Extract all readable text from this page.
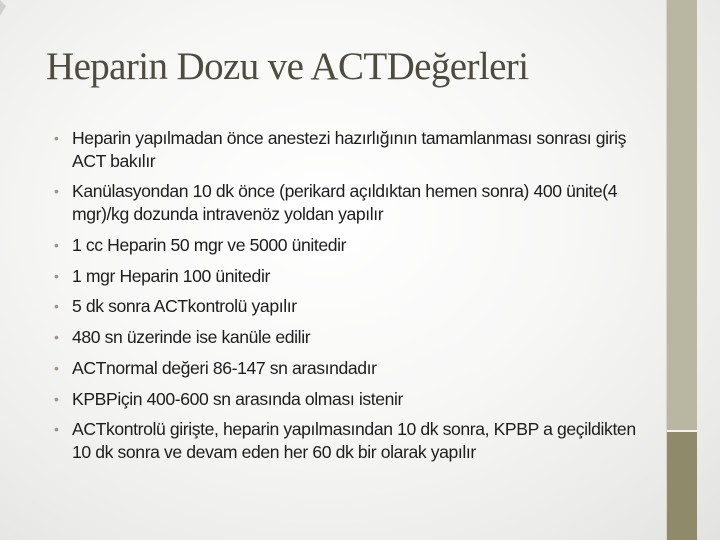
Heparin Dozu ve ACTDeğerleri
• Heparin yapılmadan önce anestezi hazırlığının tamamlanması sonrası giriş ACT bakılır
• Kanülasyondan 10 dk önce (perikard açıldıktan hemen sonra) 400 ünite(4 mgr)/kg dozunda intravenöz yoldan yapılır
• 1 cc Heparin 50 mgr ve 5000 ünitedir
• 1 mgr Heparin 100 ünitedir
• 5 dk sonra ACTkontrolü yapılır
• 480 sn üzerinde ise kanüle edilir
• ACTnormal değeri 86-147 sn arasındadır
• KPBPiçin 400-600 sn arasında olması istenir
• ACTkontrolü girişte, heparin yapılmasından 10 dk sonra, KPBP a geçildikten 10 dk sonra ve devam eden her 60 dk bir olarak yapılır
